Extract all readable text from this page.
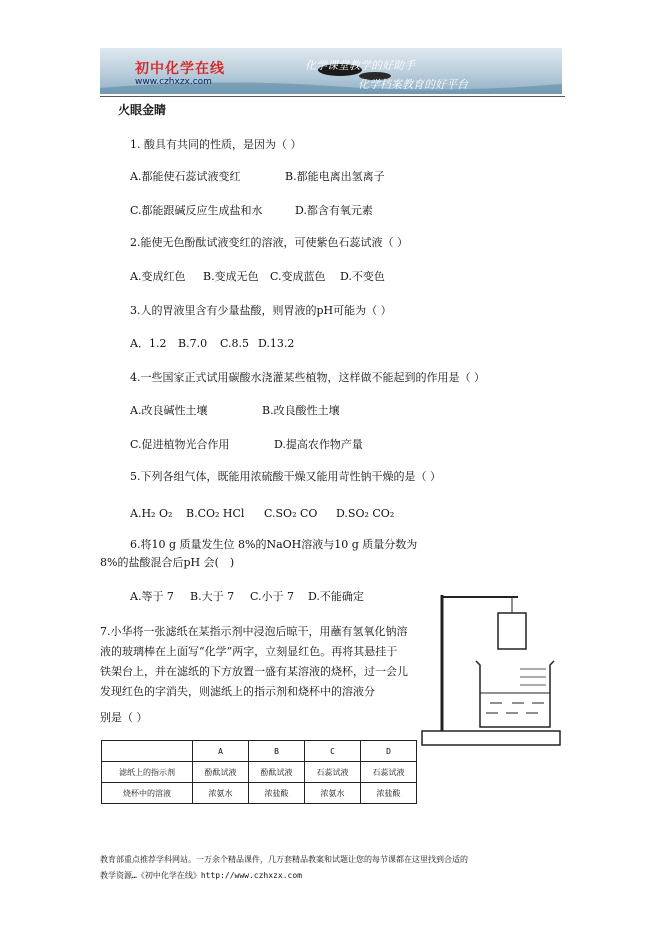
初中化学在线
www.czhxzx.com
化学课堂教学的好助手
化学档案教育的好平台
火眼金睛
1. 酸具有共同的性质，是因为（ ）
A.都能使石蕊试液变红	B.都能电离出氢离子
C.都能跟碱反应生成盐和水	D.都含有氧元素
2.能使无色酚酞试液变红的溶液，可使紫色石蕊试液（ ）
A.变成红色 B.变成无色 C.变成蓝色 D.不变色
3.人的胃液里含有少量盐酸，则胃液的pH可能为（ ）
A．1.2 B.7.0 C.8.5 D.13.2
4.一些国家正式试用碳酸水浇灌某些植物，这样做不能起到的作用是（ ）
A.改良碱性土壤	B.改良酸性土壤
C.促进植物光合作用	D.提高农作物产量
5.下列各组气体，既能用浓硫酸干燥又能用苛性钠干燥的是（ ）
A.H₂ O₂ B.CO₂ HCl C.SO₂ CO D.SO₂ CO₂
6.将10 g 质量发生位 8%的NaOH溶液与10 g 质量分数为
8%的盐酸混合后pH 会(　)
A.等于 7 B.大于 7 C.小于 7 D.不能确定
7.小华将一张滤纸在某指示剂中浸泡后晾干，用蘸有氢氧化钠溶
液的玻璃棒在上面写“化学”两字，立刻显红色。再将其悬挂于
铁架台上，并在滤纸的下方放置一盛有某溶液的烧杯，过一会儿
发现红色的字消失，则滤纸上的指示剂和烧杯中的溶液分
别是（ ）
	A	B	C	D
滤纸上的指示剂	酚酞试液	酚酞试液	石蕊试液	石蕊试液
烧杯中的溶液	浓氨水	浓盐酸	浓氨水	浓盐酸
教育部重点推荐学科网站。一万余个精品课件，几万套精品教案和试题让您的每节课都在这里找到合适的
教学资源…《初中化学在线》http://www.czhxzx.com
